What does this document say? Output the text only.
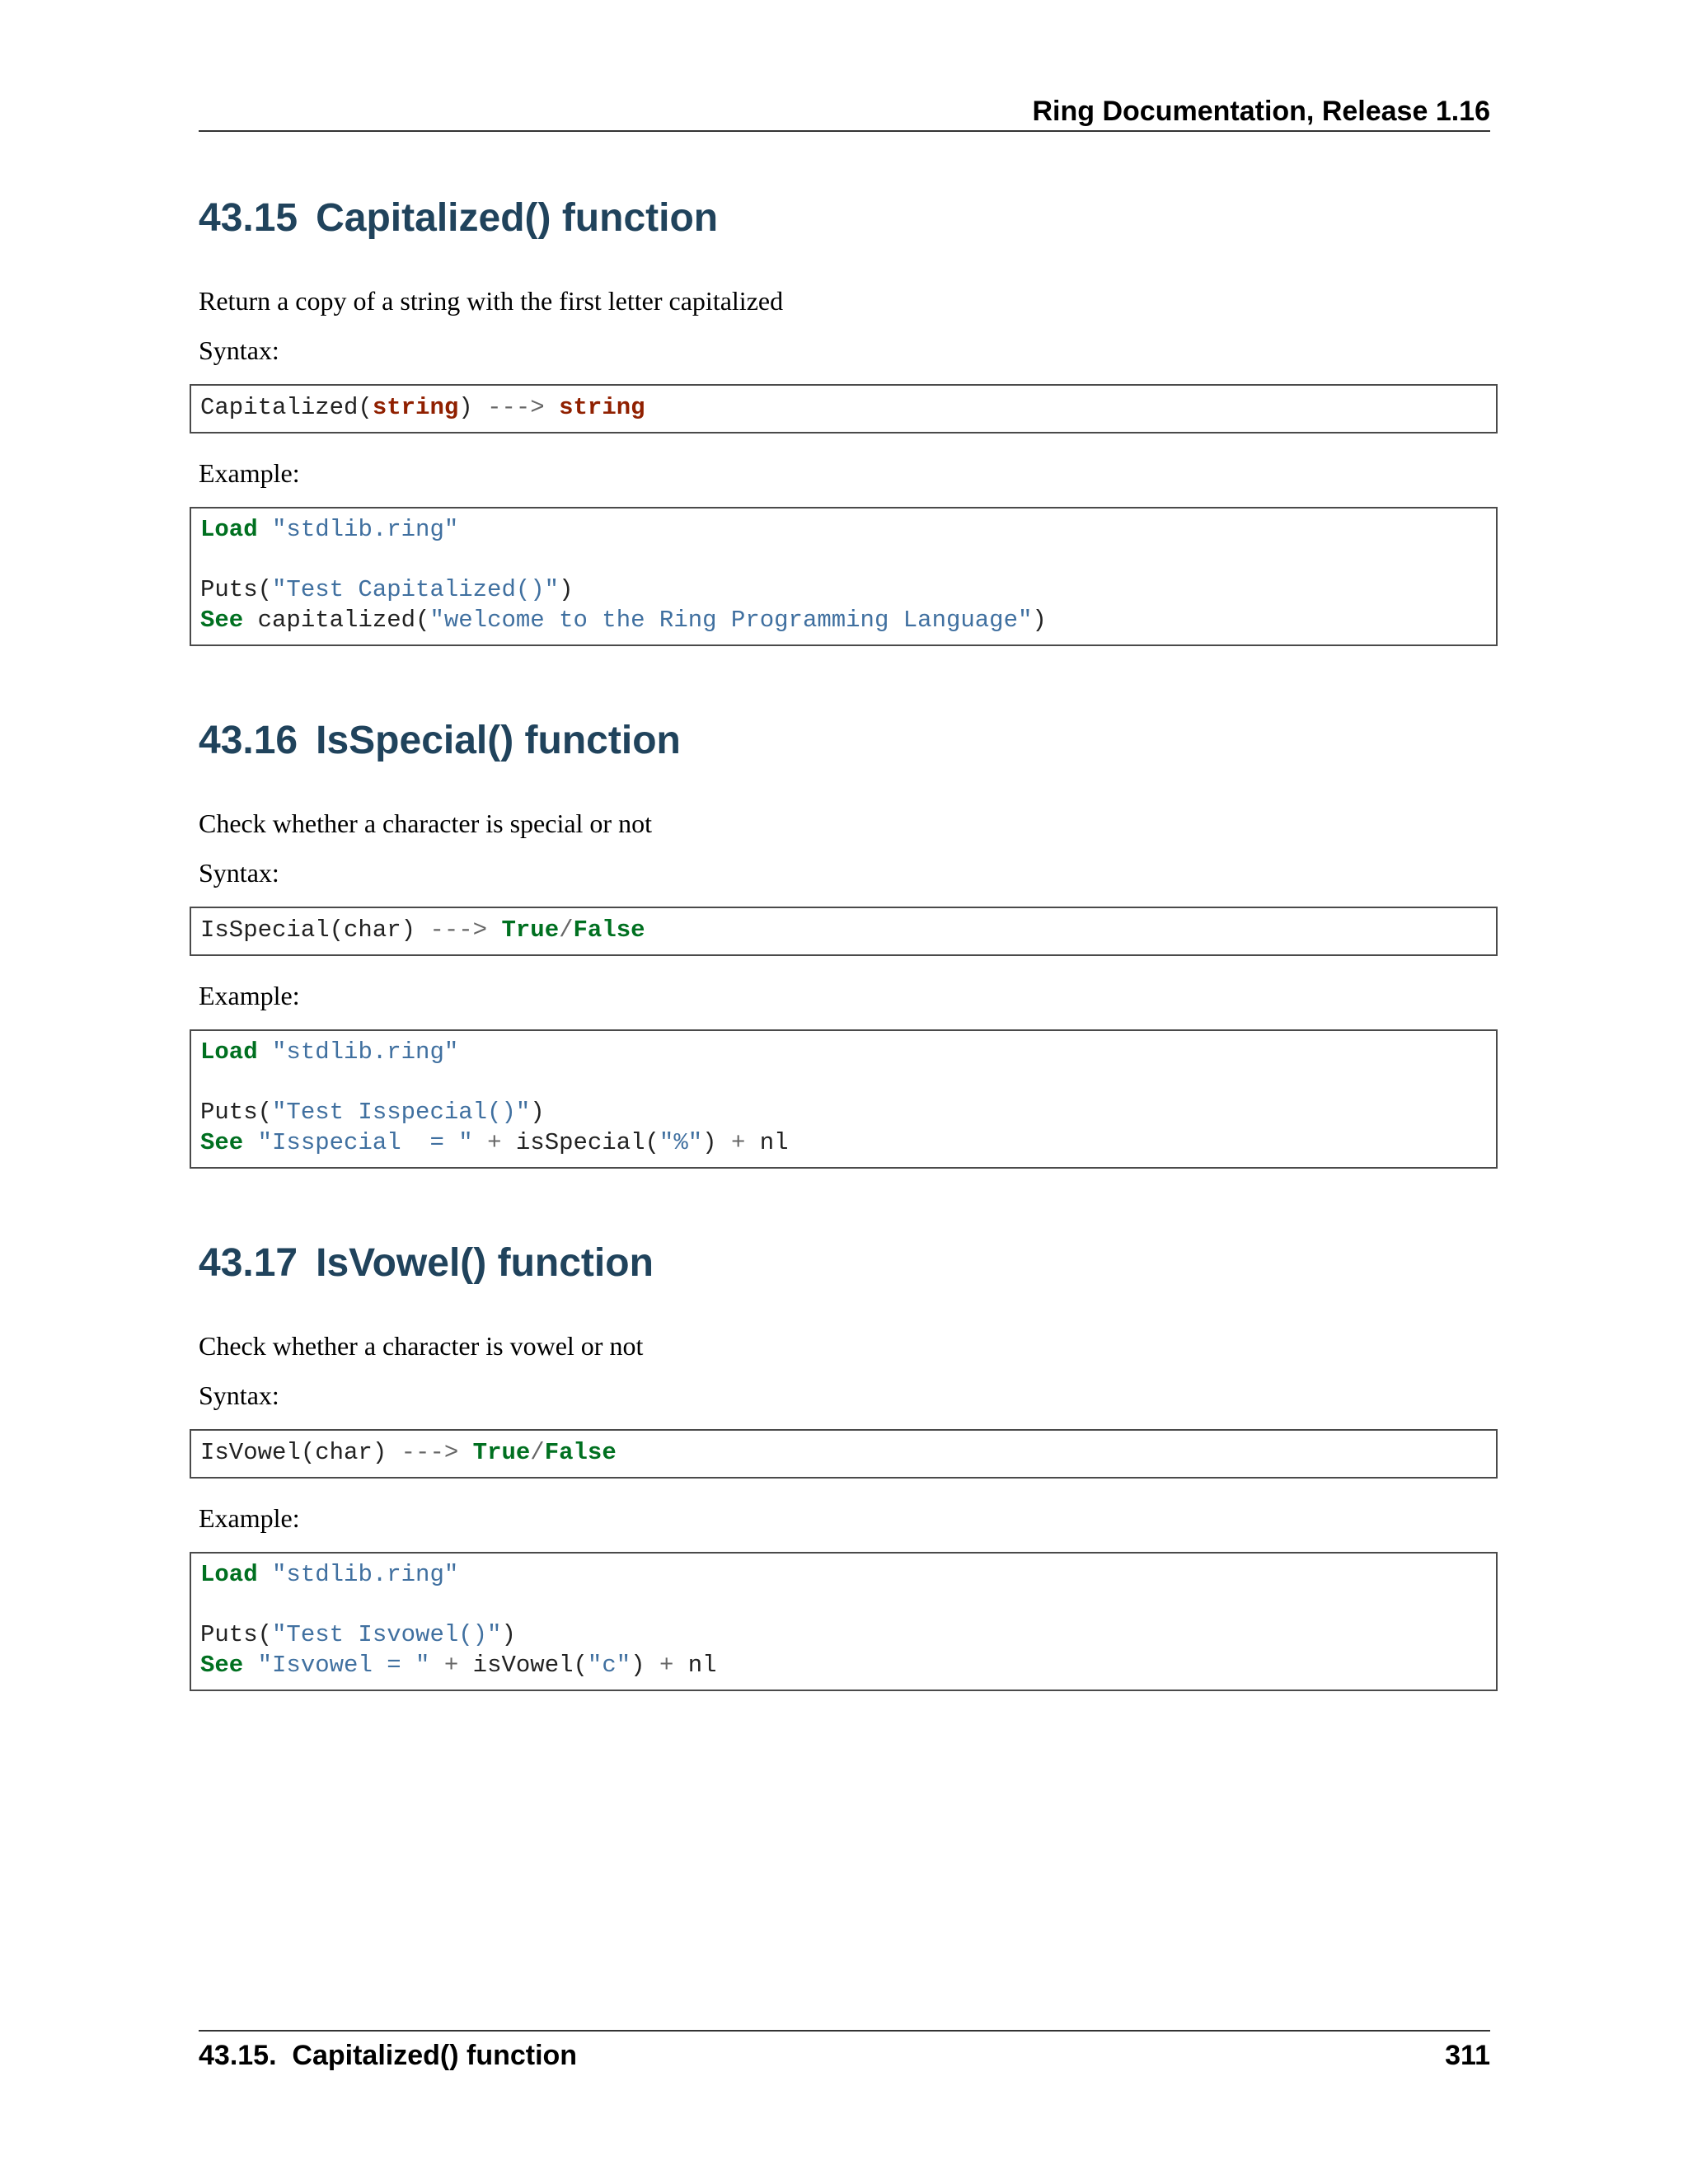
Ring Documentation, Release 1.16
43.15 Capitalized() function
Return a copy of a string with the first letter capitalized
Syntax:
Capitalized(string) ---> string
Example:
Load "stdlib.ring"
Puts("Test Capitalized()")
See capitalized("welcome to the Ring Programming Language")
43.16 IsSpecial() function
Check whether a character is special or not
Syntax:
IsSpecial(char) ---> True/False
Example:
Load "stdlib.ring"
Puts("Test Isspecial()")
See "Isspecial  = " + isSpecial("%") + nl
43.17 IsVowel() function
Check whether a character is vowel or not
Syntax:
IsVowel(char) ---> True/False
Example:
Load "stdlib.ring"
Puts("Test Isvowel()")
See "Isvowel = " + isVowel("c") + nl
43.15.  Capitalized() function	311
